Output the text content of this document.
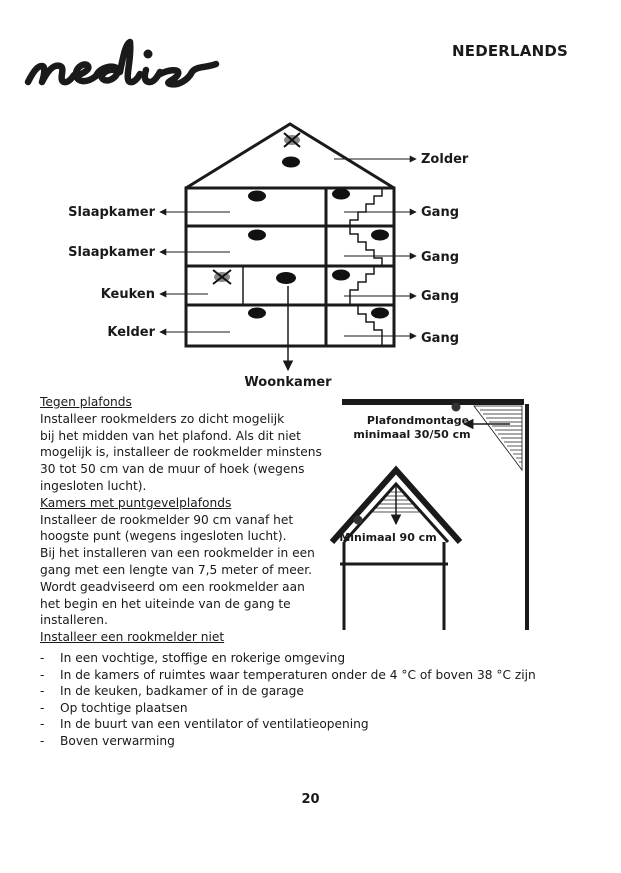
NEDERLANDS
Slaapkamer
Slaapkamer
Keuken
Kelder
Zolder
Gang
Gang
Gang
Gang
Woonkamer
Plafondmontage
minimaal 30/50 cm
Minimaal 90 cm

Tegen plafonds

Installeer rookmelders zo dicht mogelijk

bij het midden van het plafond. Als dit niet

mogelijk is, installeer de rookmelder minstens

30 tot 50 cm van de muur of hoek (wegens

ingesloten lucht).

Kamers met puntgevelplafonds

Installeer de rookmelder 90 cm vanaf het

hoogste punt (wegens ingesloten lucht).

Bij het installeren van een rookmelder in een

gang met een lengte van 7,5 meter of meer.

Wordt geadviseerd om een rookmelder aan

het begin en het uiteinde van de gang te

installeren.

Installeer een rookmelder niet

- In een vochtige, stoffige en rokerige omgeving
- In de kamers of ruimtes waar temperaturen onder de 4 °C of boven 38 °C zijn
- In de keuken, badkamer of in de garage
- Op tochtige plaatsen
- In de buurt van een ventilator of ventilatieopening
- Boven verwarming
20
